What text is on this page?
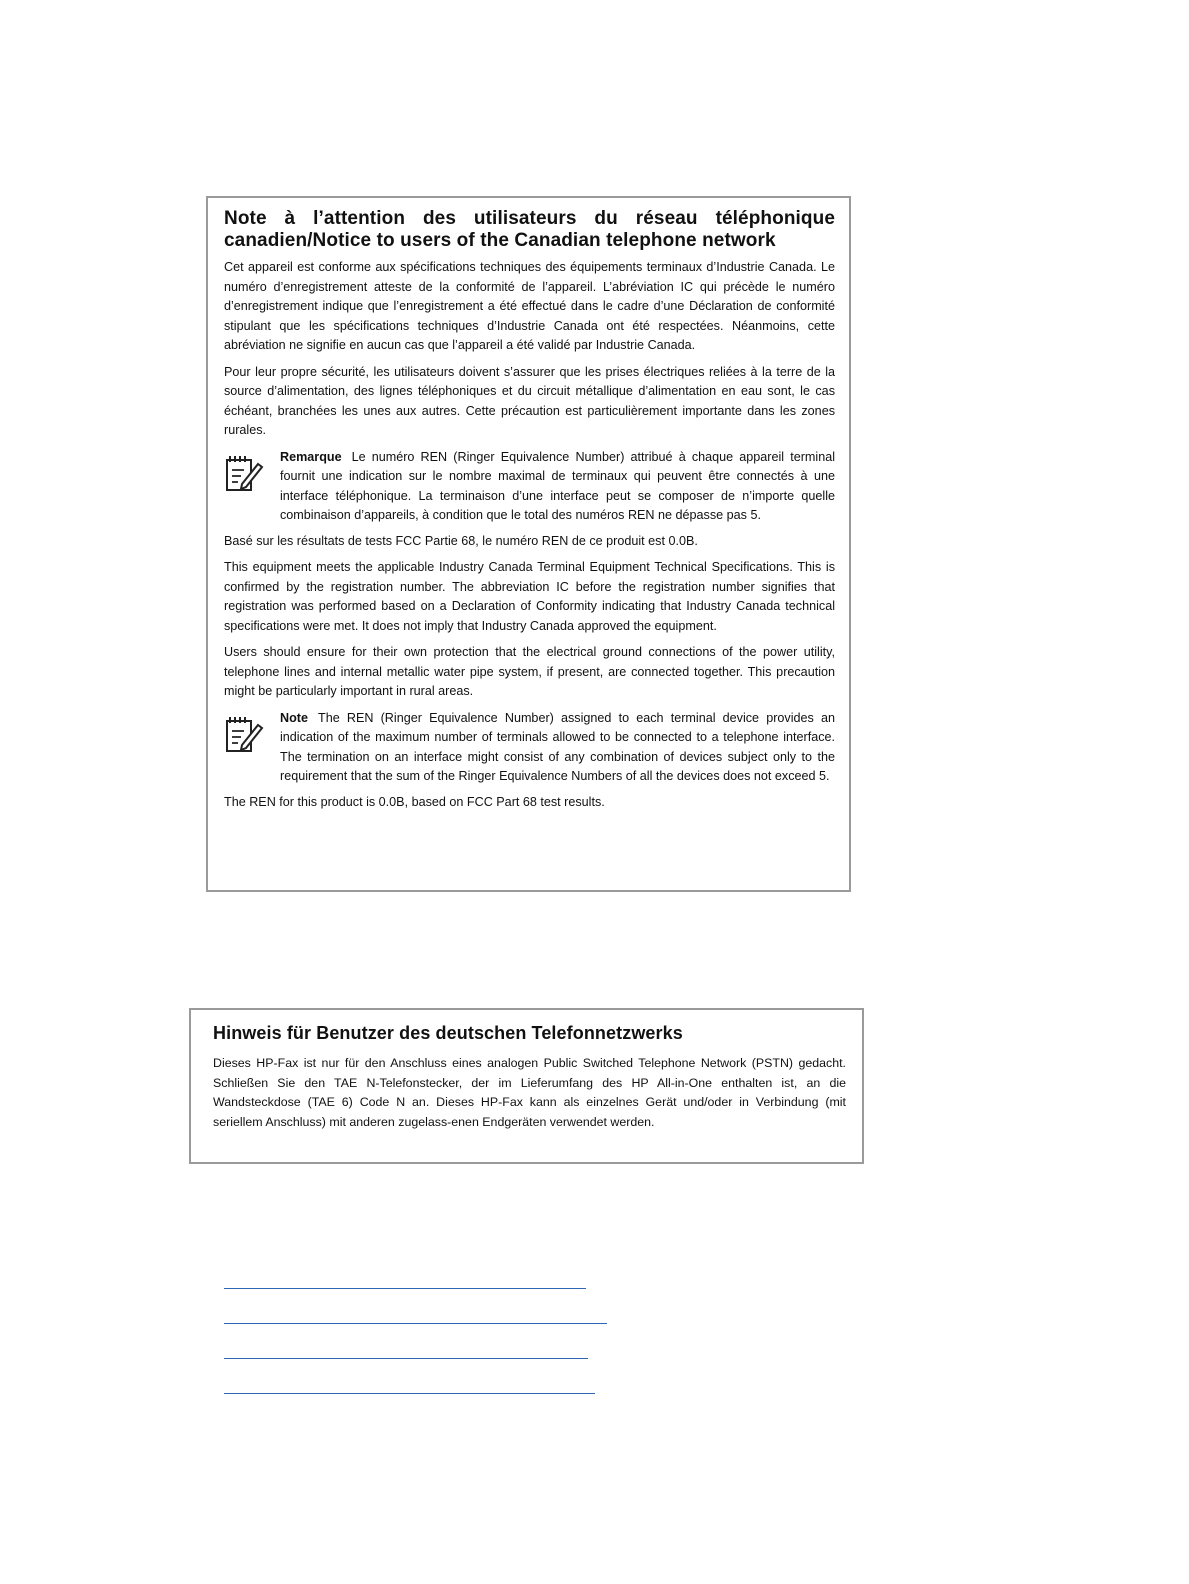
Note à l’attention des utilisateurs du réseau téléphonique canadien/Notice to users of the Canadian telephone network

Cet appareil est conforme aux spécifications techniques des équipements terminaux d’Industrie Canada. Le numéro d’enregistrement atteste de la conformité de l’appareil. L’abréviation IC qui précède le numéro d’enregistrement indique que l’enregistrement a été effectué dans le cadre d’une Déclaration de conformité stipulant que les spécifications techniques d’Industrie Canada ont été respectées. Néanmoins, cette abréviation ne signifie en aucun cas que l’appareil a été validé par Industrie Canada.

Pour leur propre sécurité, les utilisateurs doivent s’assurer que les prises électriques reliées à la terre de la source d’alimentation, des lignes téléphoniques et du circuit métallique d’alimentation en eau sont, le cas échéant, branchées les unes aux autres. Cette précaution est particulièrement importante dans les zones rurales.

Remarque Le numéro REN (Ringer Equivalence Number) attribué à chaque appareil terminal fournit une indication sur le nombre maximal de terminaux qui peuvent être connectés à une interface téléphonique. La terminaison d’une interface peut se composer de n’importe quelle combinaison d’appareils, à condition que le total des numéros REN ne dépasse pas 5.

Basé sur les résultats de tests FCC Partie 68, le numéro REN de ce produit est 0.0B.

This equipment meets the applicable Industry Canada Terminal Equipment Technical Specifications. This is confirmed by the registration number. The abbreviation IC before the registration number signifies that registration was performed based on a Declaration of Conformity indicating that Industry Canada technical specifications were met. It does not imply that Industry Canada approved the equipment.

Users should ensure for their own protection that the electrical ground connections of the power utility, telephone lines and internal metallic water pipe system, if present, are connected together. This precaution might be particularly important in rural areas.

Note The REN (Ringer Equivalence Number) assigned to each terminal device provides an indication of the maximum number of terminals allowed to be connected to a telephone interface. The termination on an interface might consist of any combination of devices subject only to the requirement that the sum of the Ringer Equivalence Numbers of all the devices does not exceed 5.

The REN for this product is 0.0B, based on FCC Part 68 test results.

Hinweis für Benutzer des deutschen Telefonnetzwerks

Dieses HP-Fax ist nur für den Anschluss eines analogen Public Switched Telephone Network (PSTN) gedacht. Schließen Sie den TAE N-Telefonstecker, der im Lieferumfang des HP All-in-One enthalten ist, an die Wandsteckdose (TAE 6) Code N an. Dieses HP-Fax kann als einzelnes Gerät und/oder in Verbindung (mit seriellem Anschluss) mit anderen zugelass-enen Endgeräten verwendet werden.
